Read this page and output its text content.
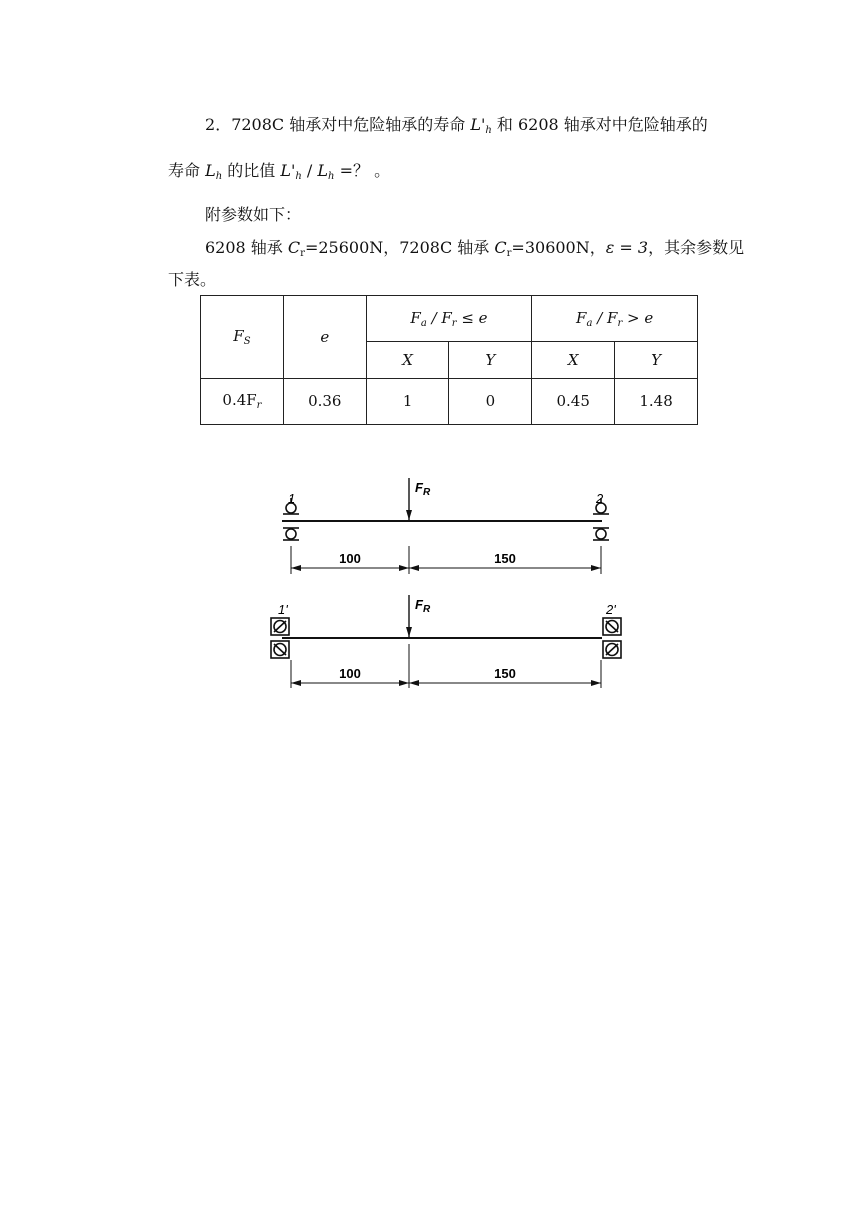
2．7208C 轴承对中危险轴承的寿命 $L'_h$ 和 6208 轴承对中危险轴承的
寿命 $L_h$ 的比值 $L'_h / L_h$ =？ 。
附参数如下：
6208 轴承 $C_r=25600N$，7208C 轴承 $C_r=30600N$，ε = 3，其余参数见
下表。
$F_S$	e	$F_a / F_r \le e$		$F_a / F_r > e$	
		X	Y	X	Y
$0.4F_r$	0.36	1	0	0.45	1.48
1	2
$F_R$
100	150
1'	2'
$F_R$
100	150
